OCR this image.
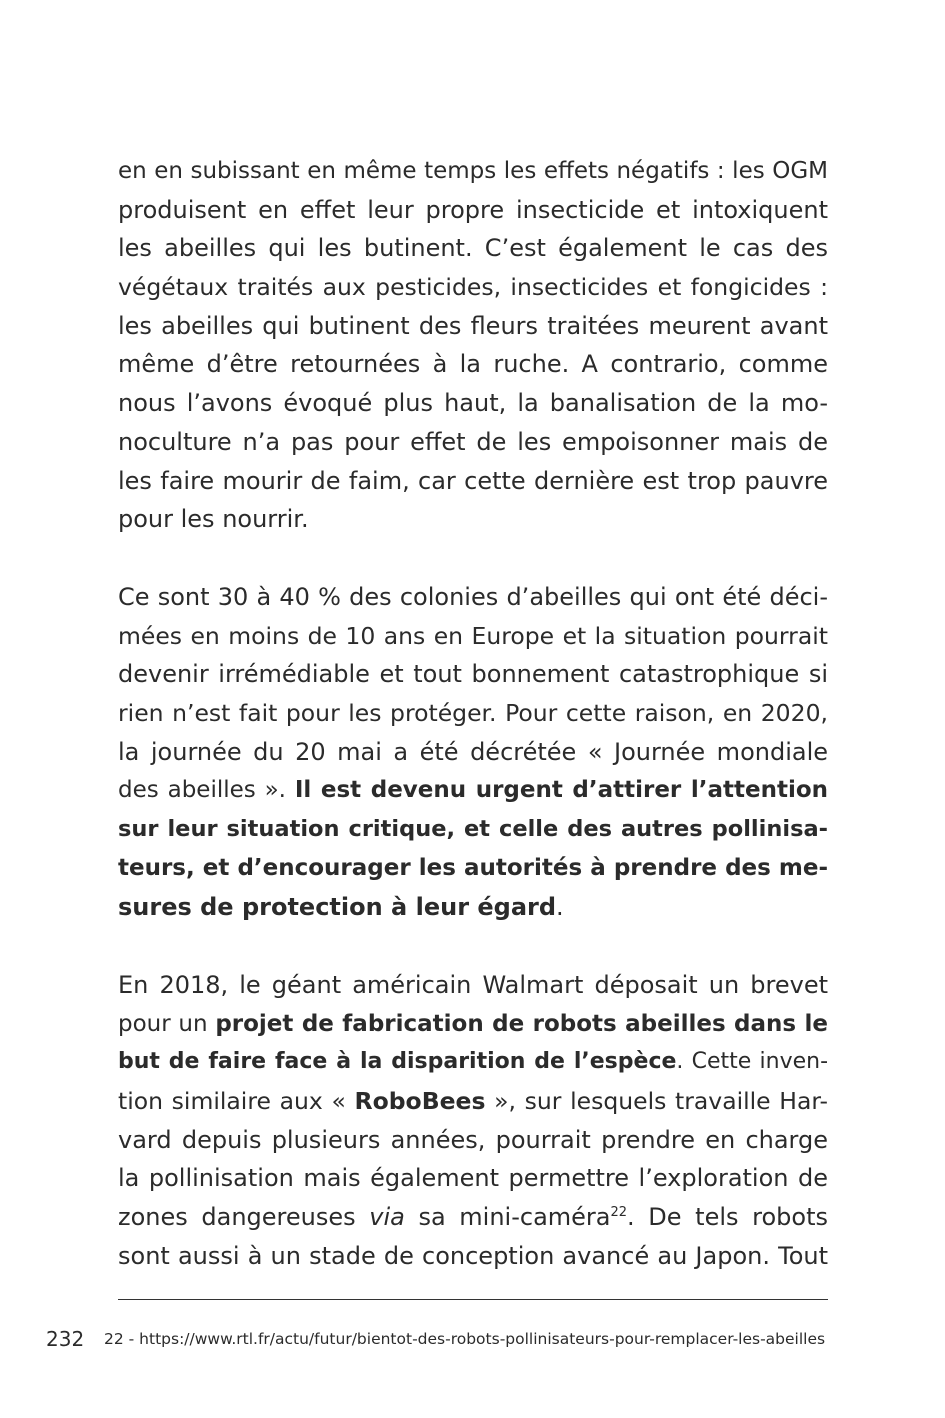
en en subissant en même temps les effets négatifs : les OGM
produisent en effet leur propre insecticide et intoxiquent
les abeilles qui les butinent. C’est également le cas des
végétaux traités aux pesticides, insecticides et fongicides :
les abeilles qui butinent des fleurs traitées meurent avant
même d’être retournées à la ruche. A contrario, comme
nous l’avons évoqué plus haut, la banalisation de la mo-
noculture n’a pas pour effet de les empoisonner mais de
les faire mourir de faim, car cette dernière est trop pauvre
pour les nourrir.
Ce sont 30 à 40 % des colonies d’abeilles qui ont été déci-
mées en moins de 10 ans en Europe et la situation pourrait
devenir irrémédiable et tout bonnement catastrophique si
rien n’est fait pour les protéger. Pour cette raison, en 2020,
la journée du 20 mai a été décrétée « Journée mondiale
des abeilles ». Il est devenu urgent d’attirer l’attention
sur leur situation critique, et celle des autres pollinisa-
teurs, et d’encourager les autorités à prendre des me-
sures de protection à leur égard.
En 2018, le géant américain Walmart déposait un brevet
pour un projet de fabrication de robots abeilles dans le
but de faire face à la disparition de l’espèce. Cette inven-
tion similaire aux « RoboBees », sur lesquels travaille Har-
vard depuis plusieurs années, pourrait prendre en charge
la pollinisation mais également permettre l’exploration de
zones dangereuses via sa mini-caméra$^{22}$. De tels robots
sont aussi à un stade de conception avancé au Japon. Tout
232 22 - https://www.rtl.fr/actu/futur/bientot-des-robots-pollinisateurs-pour-remplacer-les-abeilles
